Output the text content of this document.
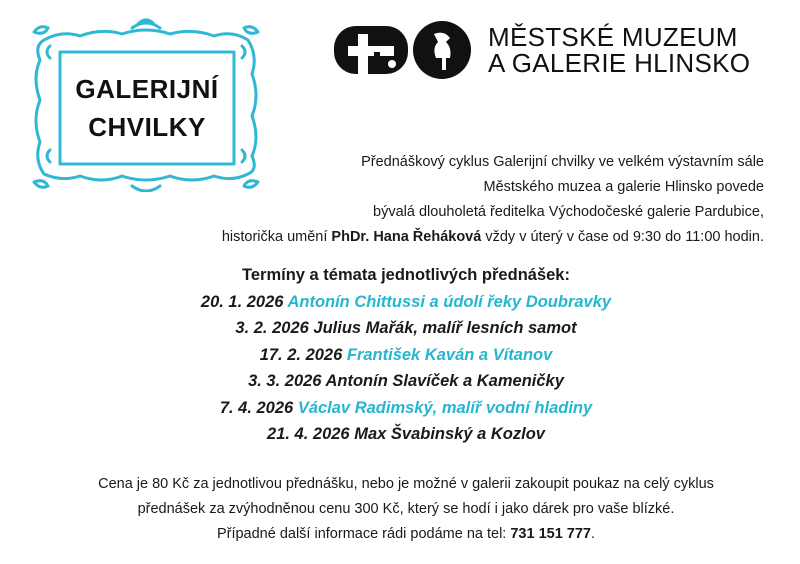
GALERIJNÍ
CHVILKY
MĚSTSKÉ MUZEUM
A GALERIE HLINSKO
Přednáškový cyklus Galerijní chvilky ve velkém výstavním sále
Městského muzea a galerie Hlinsko povede
bývalá dlouholetá ředitelka Východočeské galerie Pardubice,
historička umění PhDr. Hana Řeháková vždy v úterý v čase od 9:30 do 11:00 hodin.
Termíny a témata jednotlivých přednášek:
20. 1. 2026 Antonín Chittussi a údolí řeky Doubravky
3. 2. 2026 Julius Mařák, malíř lesních samot
17. 2. 2026 František Kaván a Vítanov
3. 3. 2026 Antonín Slavíček a Kameničky
7. 4. 2026 Václav Radimský, malíř vodní hladiny
21. 4. 2026 Max Švabinský a Kozlov
Cena je 80 Kč za jednotlivou přednášku, nebo je možné v galerii zakoupit poukaz na celý cyklus
přednášek za zvýhodněnou cenu 300 Kč, který se hodí i jako dárek pro vaše blízké.
Případné další informace rádi podáme na tel: 731 151 777.
